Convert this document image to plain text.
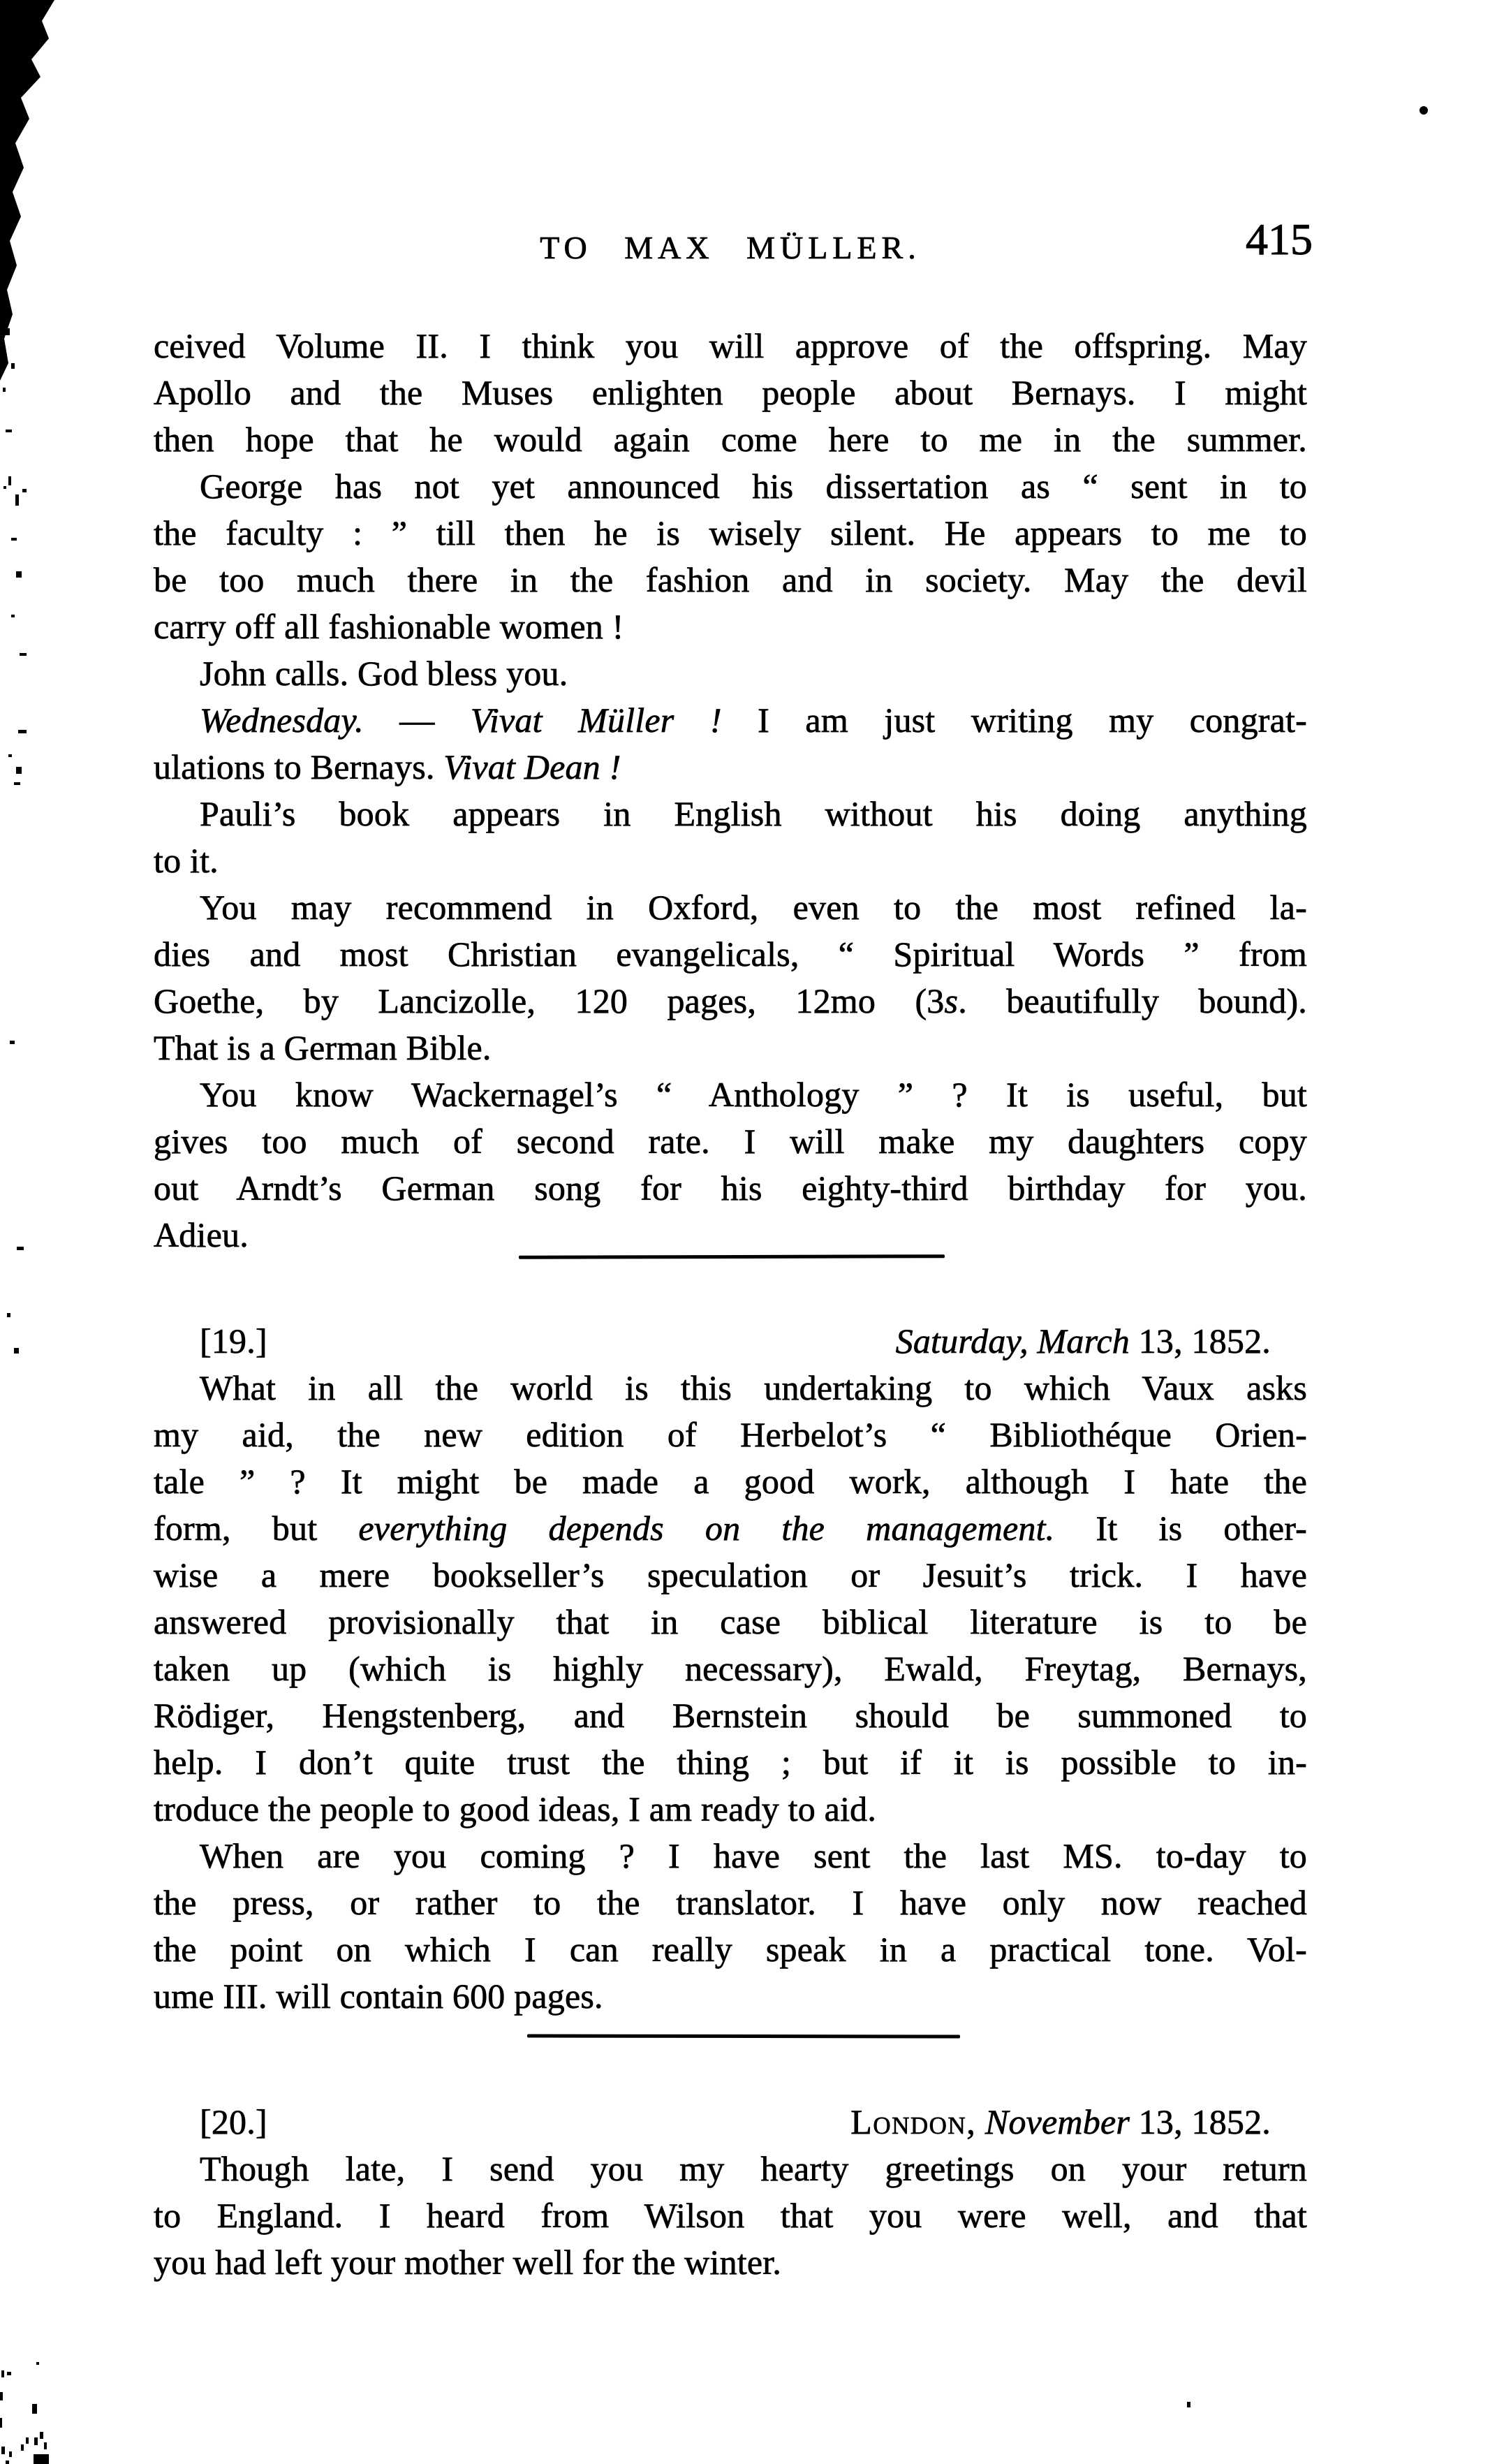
TO MAX MÜLLER.	415
ceived Volume II. I think you will approve of the offspring. May
Apollo and the Muses enlighten people about Bernays. I might
then hope that he would again come here to me in the summer.
George has not yet announced his dissertation as “ sent in to
the faculty : ” till then he is wisely silent. He appears to me to
be too much there in the fashion and in society. May the devil
carry off all fashionable women !
John calls. God bless you.
Wednesday. — Vivat Müller ! I am just writing my congrat-
ulations to Bernays. Vivat Dean !
Pauli’s book appears in English without his doing anything
to it.
You may recommend in Oxford, even to the most refined la-
dies and most Christian evangelicals, “ Spiritual Words ” from
Goethe, by Lancizolle, 120 pages, 12mo (3s. beautifully bound).
That is a German Bible.
You know Wackernagel’s “ Anthology ” ? It is useful, but
gives too much of second rate. I will make my daughters copy
out Arndt’s German song for his eighty-third birthday for you.
Adieu.
[19.]	Saturday, March 13, 1852.
What in all the world is this undertaking to which Vaux asks
my aid, the new edition of Herbelot’s “ Bibliothéque Orien-
tale ” ? It might be made a good work, although I hate the
form, but everything depends on the management. It is other-
wise a mere bookseller’s speculation or Jesuit’s trick. I have
answered provisionally that in case biblical literature is to be
taken up (which is highly necessary), Ewald, Freytag, Bernays,
Rödiger, Hengstenberg, and Bernstein should be summoned to
help. I don’t quite trust the thing ; but if it is possible to in-
troduce the people to good ideas, I am ready to aid.
When are you coming ? I have sent the last MS. to-day to
the press, or rather to the translator. I have only now reached
the point on which I can really speak in a practical tone. Vol-
ume III. will contain 600 pages.
[20.]	London, November 13, 1852.
Though late, I send you my hearty greetings on your return
to England. I heard from Wilson that you were well, and that
you had left your mother well for the winter.
